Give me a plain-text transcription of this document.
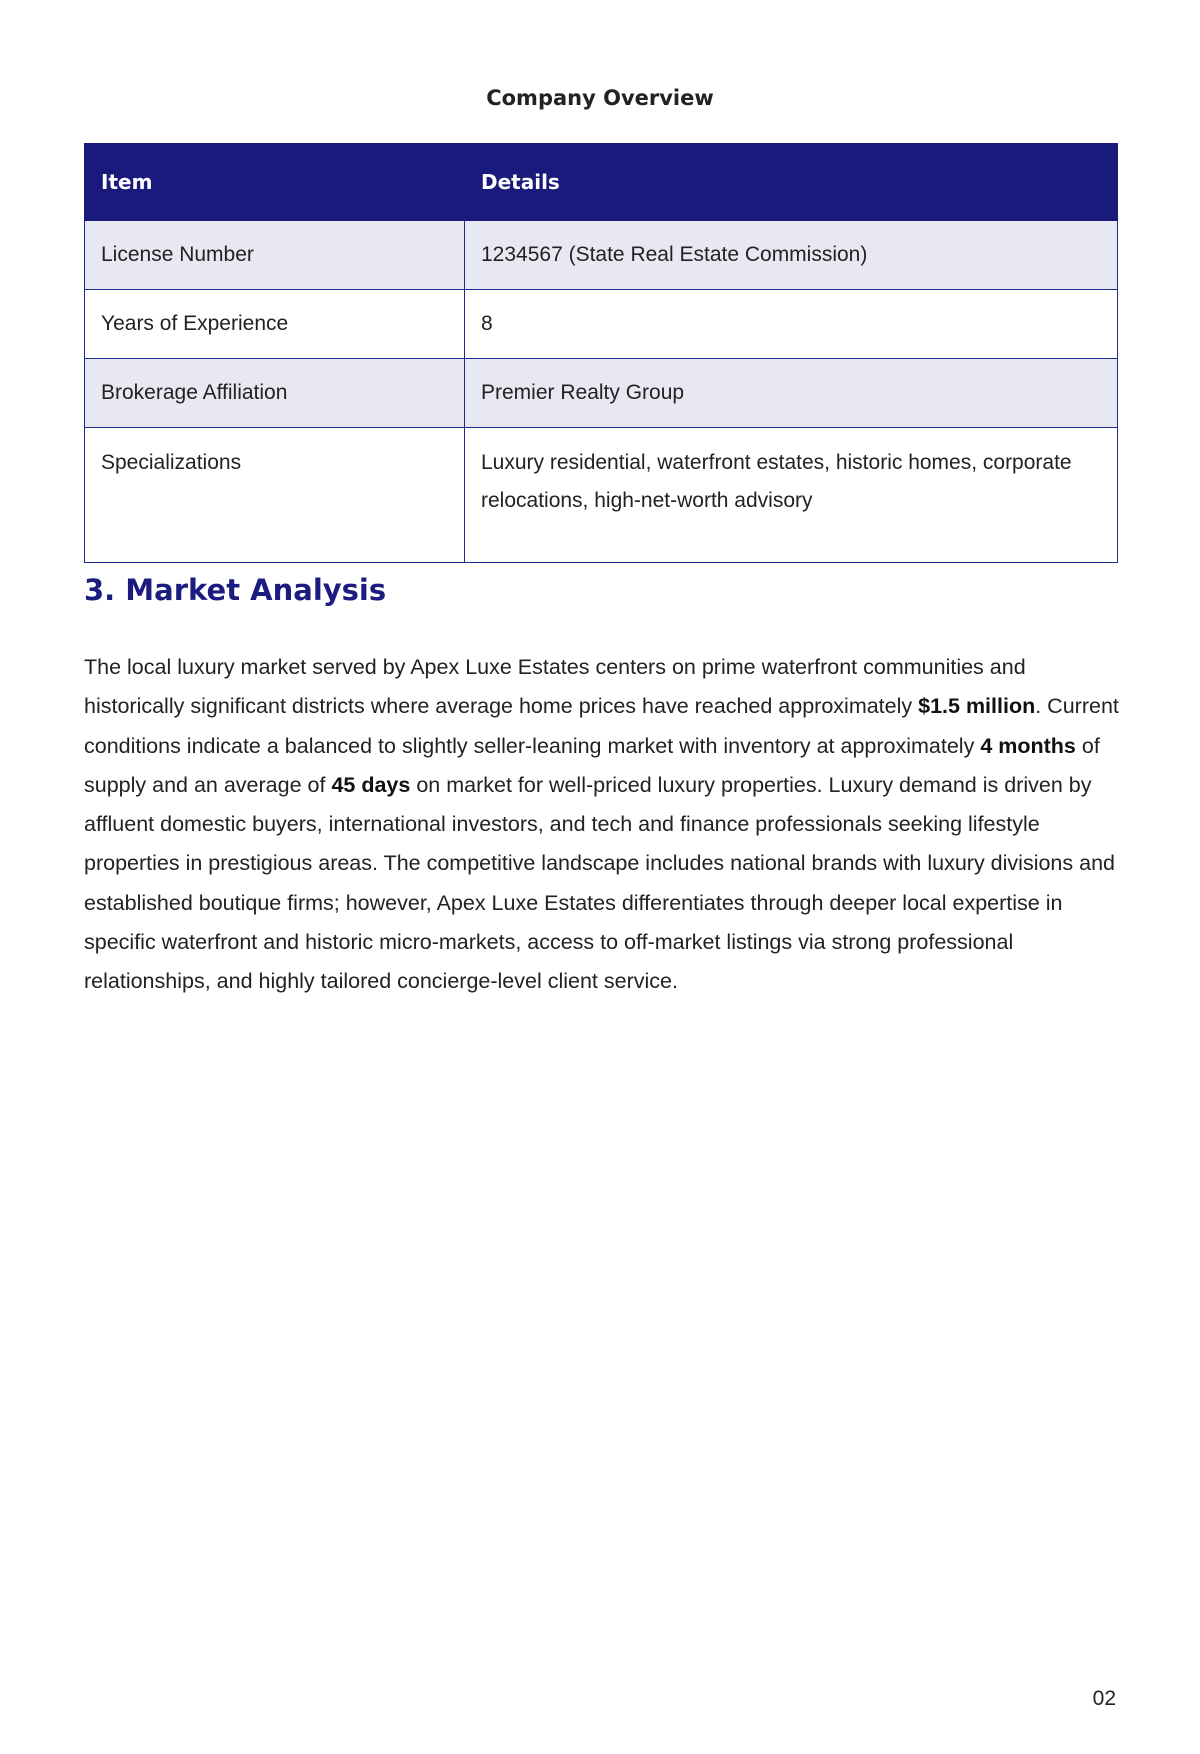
Company Overview
Item	Details
License Number	1234567 (State Real Estate Commission)
Years of Experience	8
Brokerage Affiliation	Premier Realty Group
Specializations	Luxury residential, waterfront estates, historic homes, corporate relocations, high-net-worth advisory
3. Market Analysis

The local luxury market served by Apex Luxe Estates centers on prime waterfront communities and historically significant districts where average home prices have reached approximately $1.5 million. Current conditions indicate a balanced to slightly seller-leaning market with inventory at approximately 4 months of supply and an average of 45 days on market for well-priced luxury properties. Luxury demand is driven by affluent domestic buyers, international investors, and tech and finance professionals seeking lifestyle properties in prestigious areas. The competitive landscape includes national brands with luxury divisions and established boutique firms; however, Apex Luxe Estates differentiates through deeper local expertise in specific waterfront and historic micro-markets, access to off-market listings via strong professional relationships, and highly tailored concierge-level client service.

02
